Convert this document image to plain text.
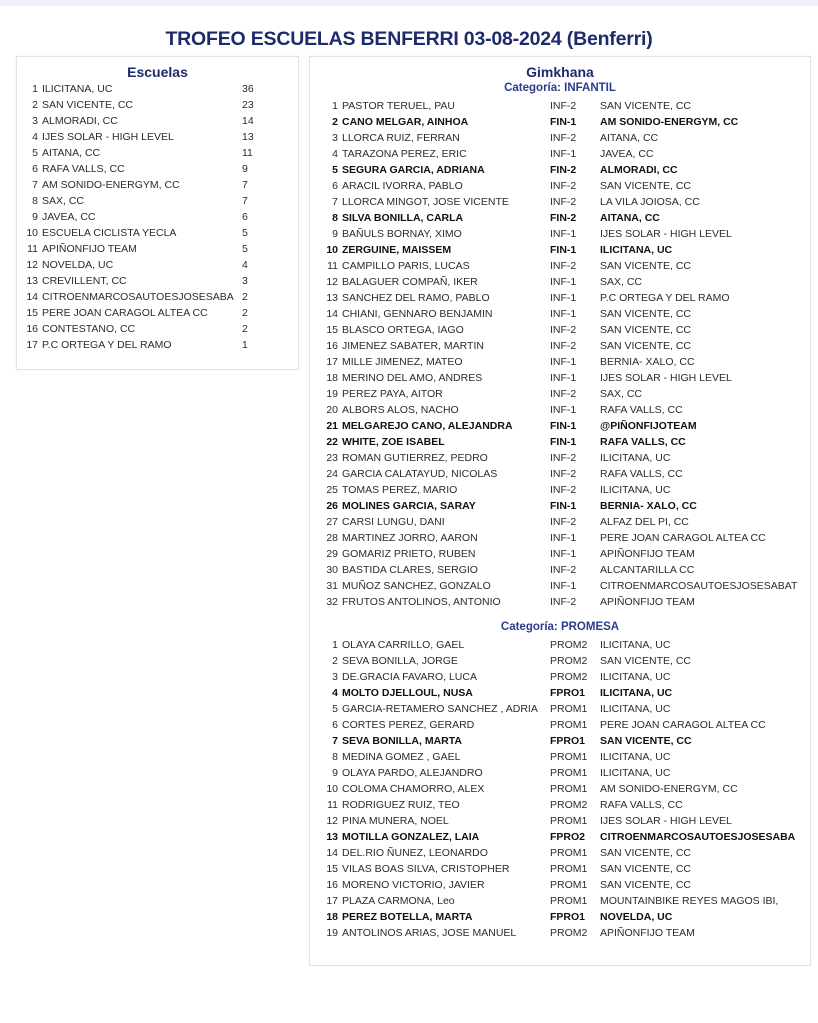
TROFEO ESCUELAS BENFERRI 03-08-2024 (Benferri)
Escuelas
1 ILICITANA, UC	36
2 SAN VICENTE, CC	23
3 ALMORADI, CC	14
4 IJES SOLAR - HIGH LEVEL	13
5 AITANA, CC	11
6 RAFA VALLS, CC	9
7 AM SONIDO-ENERGYM, CC	7
8 SAX, CC	7
9 JAVEA, CC	6
10 ESCUELA CICLISTA YECLA	5
11 APIÑONFIJO TEAM	5
12 NOVELDA, UC	4
13 CREVILLENT, CC	3
14 CITROENMARCOSAUTOESJOSESABA 2
15 PERE JOAN CARAGOL ALTEA CC	2
16 CONTESTANO, CC	2
17 P.C ORTEGA Y DEL RAMO	1
Gimkhana
Categoría: INFANTIL
1 PASTOR TERUEL, PAU	INF-2	SAN VICENTE, CC
2 CANO MELGAR, AINHOA	FIN-1	AM SONIDO-ENERGYM, CC
3 LLORCA RUIZ, FERRAN	INF-2	AITANA, CC
4 TARAZONA PEREZ, ERIC	INF-1	JAVEA, CC
5 SEGURA GARCIA, ADRIANA	FIN-2	ALMORADI, CC
6 ARACIL IVORRA, PABLO	INF-2	SAN VICENTE, CC
7 LLORCA MINGOT, JOSE VICENTE	INF-2	LA VILA JOIOSA, CC
8 SILVA BONILLA, CARLA	FIN-2	AITANA, CC
9 BAÑULS BORNAY, XIMO	INF-1	IJES SOLAR - HIGH LEVEL
10 ZERGUINE, MAISSEM	FIN-1	ILICITANA, UC
11 CAMPILLO PARIS, LUCAS	INF-2	SAN VICENTE, CC
12 BALAGUER COMPAÑ, IKER	INF-1	SAX, CC
13 SANCHEZ DEL RAMO, PABLO	INF-1	P.C ORTEGA Y DEL RAMO
14 CHIANI, GENNARO BENJAMIN	INF-1	SAN VICENTE, CC
15 BLASCO ORTEGA, IAGO	INF-2	SAN VICENTE, CC
16 JIMENEZ SABATER, MARTIN	INF-2	SAN VICENTE, CC
17 MILLE JIMENEZ, MATEO	INF-1	BERNIA- XALO, CC
18 MERINO DEL AMO, ANDRES	INF-1	IJES SOLAR - HIGH LEVEL
19 PEREZ PAYA, AITOR	INF-2	SAX, CC
20 ALBORS ALOS, NACHO	INF-1	RAFA VALLS, CC
21 MELGAREJO CANO, ALEJANDRA	FIN-1	@PIÑONFIJOTEAM
22 WHITE, ZOE ISABEL	FIN-1	RAFA VALLS, CC
23 ROMAN GUTIERREZ, PEDRO	INF-2	ILICITANA, UC
24 GARCIA CALATAYUD, NICOLAS	INF-2	RAFA VALLS, CC
25 TOMAS PEREZ, MARIO	INF-2	ILICITANA, UC
26 MOLINES GARCIA, SARAY	FIN-1	BERNIA- XALO, CC
27 CARSI LUNGU, DANI	INF-2	ALFAZ DEL PI, CC
28 MARTINEZ JORRO, AARON	INF-1	PERE JOAN CARAGOL ALTEA CC
29 GOMARIZ PRIETO, RUBEN	INF-1	APIÑONFIJO TEAM
30 BASTIDA CLARES, SERGIO	INF-2	ALCANTARILLA CC
31 MUÑOZ SANCHEZ, GONZALO	INF-1	CITROENMARCOSAUTOESJOSESABAT
32 FRUTOS ANTOLINOS, ANTONIO	INF-2	APIÑONFIJO TEAM
Categoría: PROMESA
1 OLAYA CARRILLO, GAEL	PROM2	ILICITANA, UC
2 SEVA BONILLA, JORGE	PROM2	SAN VICENTE, CC
3 DE.GRACIA FAVARO, LUCA	PROM2	ILICITANA, UC
4 MOLTO DJELLOUL, NUSA	FPRO1	ILICITANA, UC
5 GARCIA-RETAMERO SANCHEZ , ADRIA	PROM1	ILICITANA, UC
6 CORTES PEREZ, GERARD	PROM1	PERE JOAN CARAGOL ALTEA CC
7 SEVA BONILLA, MARTA	FPRO1	SAN VICENTE, CC
8 MEDINA GOMEZ , GAEL	PROM1	ILICITANA, UC
9 OLAYA PARDO, ALEJANDRO	PROM1	ILICITANA, UC
10 COLOMA CHAMORRO, ALEX	PROM1	AM SONIDO-ENERGYM, CC
11 RODRIGUEZ RUIZ, TEO	PROM2	RAFA VALLS, CC
12 PINA MUNERA, NOEL	PROM1	IJES SOLAR - HIGH LEVEL
13 MOTILLA GONZALEZ, LAIA	FPRO2	CITROENMARCOSAUTOESJOSESABA
14 DEL.RIO ÑUNEZ, LEONARDO	PROM1	SAN VICENTE, CC
15 VILAS BOAS SILVA, CRISTOPHER	PROM1	SAN VICENTE, CC
16 MORENO VICTORIO, JAVIER	PROM1	SAN VICENTE, CC
17 PLAZA CARMONA, Leo	PROM1	MOUNTAINBIKE REYES MAGOS IBI,
18 PEREZ BOTELLA, MARTA	FPRO1	NOVELDA, UC
19 ANTOLINOS ARIAS, JOSE MANUEL	PROM2	APIÑONFIJO TEAM
